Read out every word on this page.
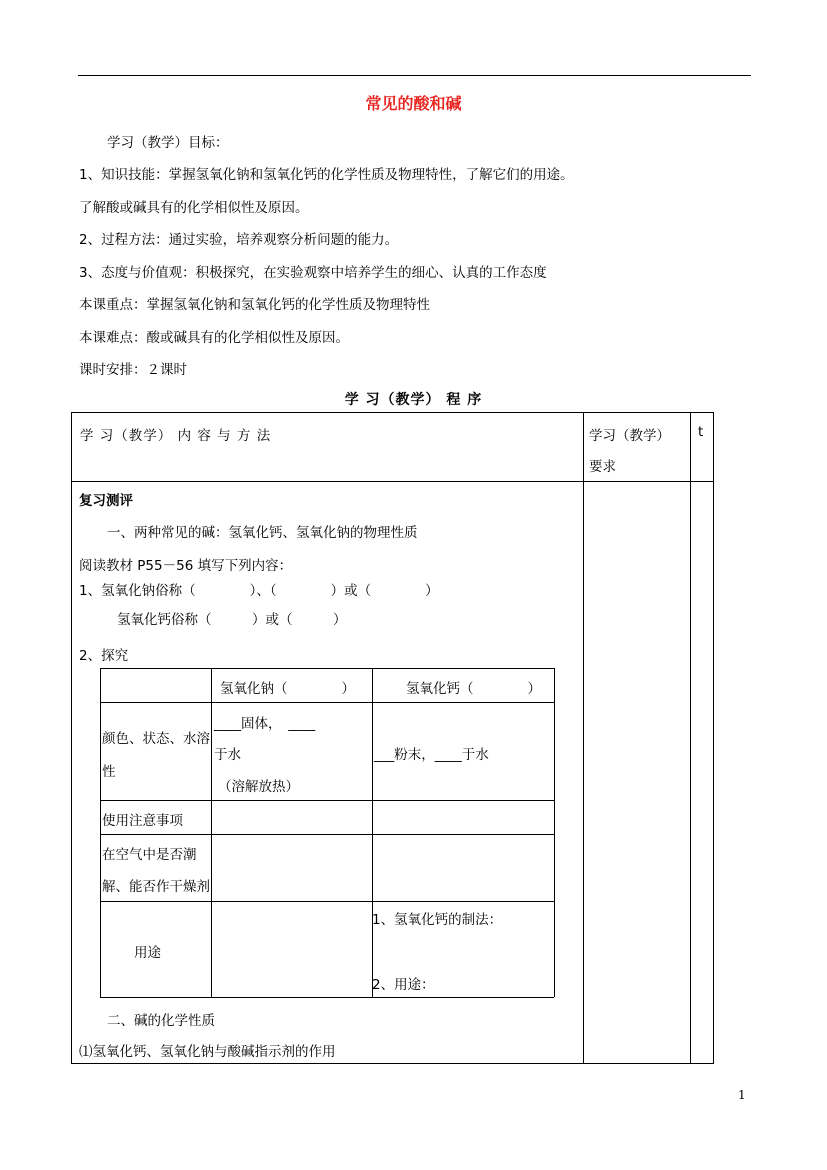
常见的酸和碱
学习（教学）目标：
1、知识技能：掌握氢氧化钠和氢氧化钙的化学性质及物理特性，了解它们的用途。
了解酸或碱具有的化学相似性及原因。
2、过程方法：通过实验，培养观察分析问题的能力。
3、态度与价值观：积极探究，在实验观察中培养学生的细心、认真的工作态度
本课重点：掌握氢氧化钠和氢氧化钙的化学性质及物理特性
本课难点：酸或碱具有的化学相似性及原因。
课时安排：２课时
学 习（教学） 程 序
学 习（教学） 内 容 与 方 法	学习（教学）
要求
t
复习测评
一、两种常见的碱：氢氧化钙、氢氧化钠的物理性质
阅读教材 P55－56 填写下列内容：
1、氢氧化钠俗称（　　　　）、（　　　　）或（　　　　）
氢氧化钙俗称（　　　）或（　　　）
2、探究
氢氧化钠（　　　　）	氢氧化钙（　　　　）
颜色、状态、水溶
性
____固体，　____
于水
（溶解放热）
___粉末，____于水
使用注意事项
在空气中是否潮
解、能否作干燥剂
用途
1、氢氧化钙的制法：
2、用途：
二、碱的化学性质
⑴氢氧化钙、氢氧化钠与酸碱指示剂的作用
1
